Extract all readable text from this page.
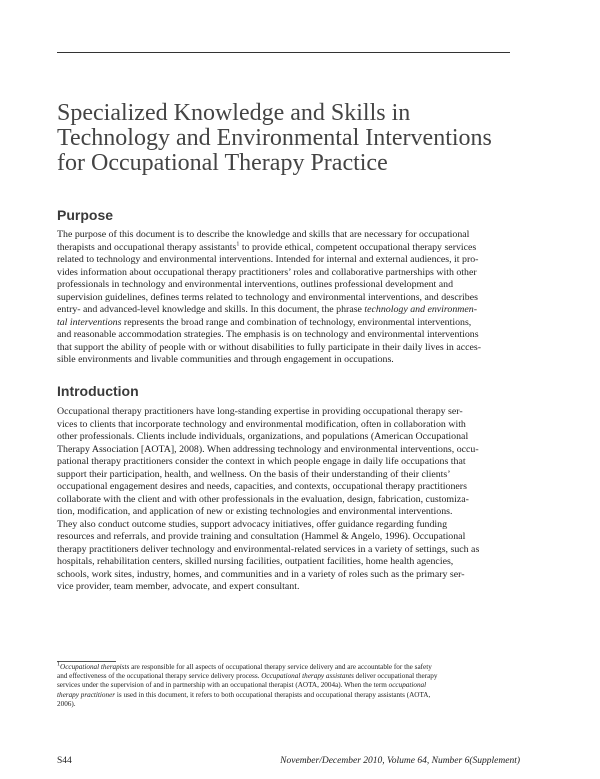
Specialized Knowledge and Skills in
Technology and Environmental Interventions
for Occupational Therapy Practice
Purpose
The purpose of this document is to describe the knowledge and skills that are necessary for occupational
therapists and occupational therapy assistants$^1$ to provide ethical, competent occupational therapy services
related to technology and environmental interventions. Intended for internal and external audiences, it pro-
vides information about occupational therapy practitioners’ roles and collaborative partnerships with other
professionals in technology and environmental interventions, outlines professional development and
supervision guidelines, defines terms related to technology and environmental interventions, and describes
entry- and advanced-level knowledge and skills. In this document, the phrase technology and environmen-
tal interventions represents the broad range and combination of technology, environmental interventions,
and reasonable accommodation strategies. The emphasis is on technology and environmental interventions
that support the ability of people with or without disabilities to fully participate in their daily lives in acces-
sible environments and livable communities and through engagement in occupations.
Introduction
Occupational therapy practitioners have long-standing expertise in providing occupational therapy ser-
vices to clients that incorporate technology and environmental modification, often in collaboration with
other professionals. Clients include individuals, organizations, and populations (American Occupational
Therapy Association [AOTA], 2008). When addressing technology and environmental interventions, occu-
pational therapy practitioners consider the context in which people engage in daily life occupations that
support their participation, health, and wellness. On the basis of their understanding of their clients’
occupational engagement desires and needs, capacities, and contexts, occupational therapy practitioners
collaborate with the client and with other professionals in the evaluation, design, fabrication, customiza-
tion, modification, and application of new or existing technologies and environmental interventions.
They also conduct outcome studies, support advocacy initiatives, offer guidance regarding funding
resources and referrals, and provide training and consultation (Hammel & Angelo, 1996). Occupational
therapy practitioners deliver technology and environmental-related services in a variety of settings, such as
hospitals, rehabilitation centers, skilled nursing facilities, outpatient facilities, home health agencies,
schools, work sites, industry, homes, and communities and in a variety of roles such as the primary ser-
vice provider, team member, advocate, and expert consultant.
$^1$Occupational therapists are responsible for all aspects of occupational therapy service delivery and are accountable for the safety
and effectiveness of the occupational therapy service delivery process. Occupational therapy assistants deliver occupational therapy
services under the supervision of and in partnership with an occupational therapist (AOTA, 2004a). When the term occupational
therapy practitioner is used in this document, it refers to both occupational therapists and occupational therapy assistants (AOTA,
2006).
S44	November/December 2010, Volume 64, Number 6(Supplement)
